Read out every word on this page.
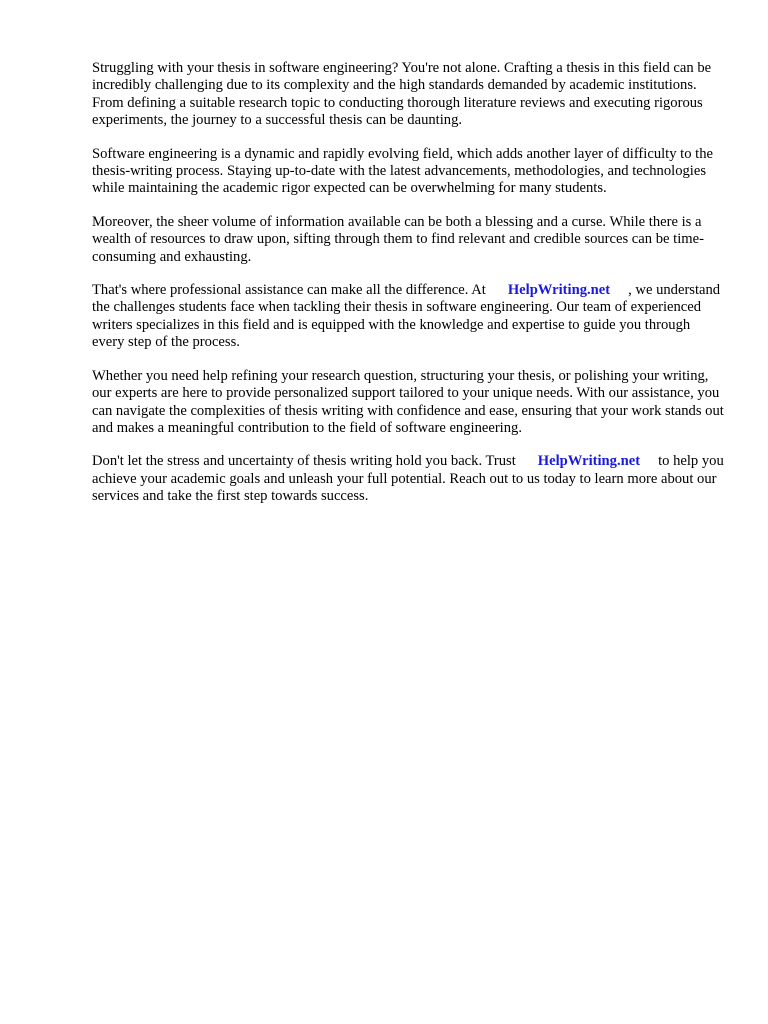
Struggling with your thesis in software engineering? You're not alone. Crafting a thesis in this field can be incredibly challenging due to its complexity and the high standards demanded by academic institutions. From defining a suitable research topic to conducting thorough literature reviews and executing rigorous experiments, the journey to a successful thesis can be daunting.

Software engineering is a dynamic and rapidly evolving field, which adds another layer of difficulty to the thesis-writing process. Staying up-to-date with the latest advancements, methodologies, and technologies while maintaining the academic rigor expected can be overwhelming for many students.

Moreover, the sheer volume of information available can be both a blessing and a curse. While there is a wealth of resources to draw upon, sifting through them to find relevant and credible sources can be time-consuming and exhausting.

That's where professional assistance can make all the difference. At HelpWriting.net , we understand the challenges students face when tackling their thesis in software engineering. Our team of experienced writers specializes in this field and is equipped with the knowledge and expertise to guide you through every step of the process.

Whether you need help refining your research question, structuring your thesis, or polishing your writing, our experts are here to provide personalized support tailored to your unique needs. With our assistance, you can navigate the complexities of thesis writing with confidence and ease, ensuring that your work stands out and makes a meaningful contribution to the field of software engineering.

Don't let the stress and uncertainty of thesis writing hold you back. Trust HelpWriting.net to help you achieve your academic goals and unleash your full potential. Reach out to us today to learn more about our services and take the first step towards success.
